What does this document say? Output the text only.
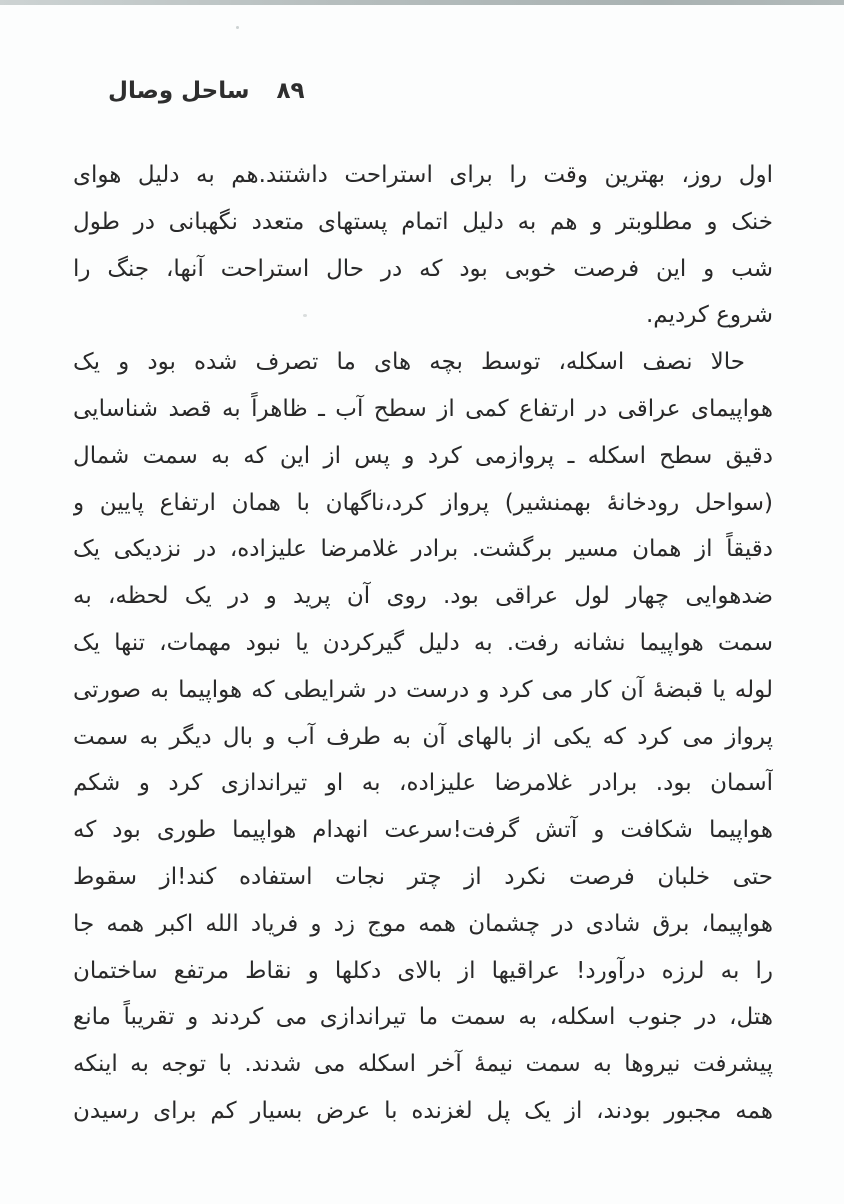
۸۹
ساحل وصال
اول روز، بهترین وقت را برای استراحت داشتند.هم به دلیل هوای
خنک و مطلوبتر و هم به دلیل اتمام پستهای متعدد نگهبانی در طول
شب و این فرصت خوبی بود که در حال استراحت آنها، جنگ را
شروع کردیم.
حالا نصف اسکله، توسط بچه های ما تصرف شده بود و یک
هواپیمای عراقی در ارتفاع کمی از سطح آب ـ ظاهراً به قصد شناسایی
دقیق سطح اسکله ـ پروازمی کرد و پس از این که به سمت شمال
(سواحل رودخانهٔ بهمنشیر) پرواز کرد،ناگهان با همان ارتفاع پایین و
دقیقاً از همان مسیر برگشت. برادر غلامرضا علیزاده، در نزدیکی یک
ضدهوایی چهار لول عراقی بود. روی آن پرید و در یک لحظه، به
سمت هواپیما نشانه رفت. به دلیل گیرکردن یا نبود مهمات، تنها یک
لوله یا قبضهٔ آن کار می کرد و درست در شرایطی که هواپیما به صورتی
پرواز می کرد که یکی از بالهای آن به طرف آب و بال دیگر به سمت
آسمان بود. برادر غلامرضا علیزاده، به او تیراندازی کرد و شکم
هواپیما شکافت و آتش گرفت!سرعت انهدام هواپیما طوری بود که
حتی خلبان فرصت نکرد از چتر نجات استفاده کند!از سقوط
هواپیما، برق شادی در چشمان همه موج زد و فریاد الله اکبر همه جا
را به لرزه درآورد! عراقیها از بالای دکلها و نقاط مرتفع ساختمان
هتل، در جنوب اسکله، به سمت ما تیراندازی می کردند و تقریباً مانع
پیشرفت نیروها به سمت نیمهٔ آخر اسکله می شدند. با توجه به اینکه
همه مجبور بودند، از یک پل لغزنده با عرض بسیار کم برای رسیدن
